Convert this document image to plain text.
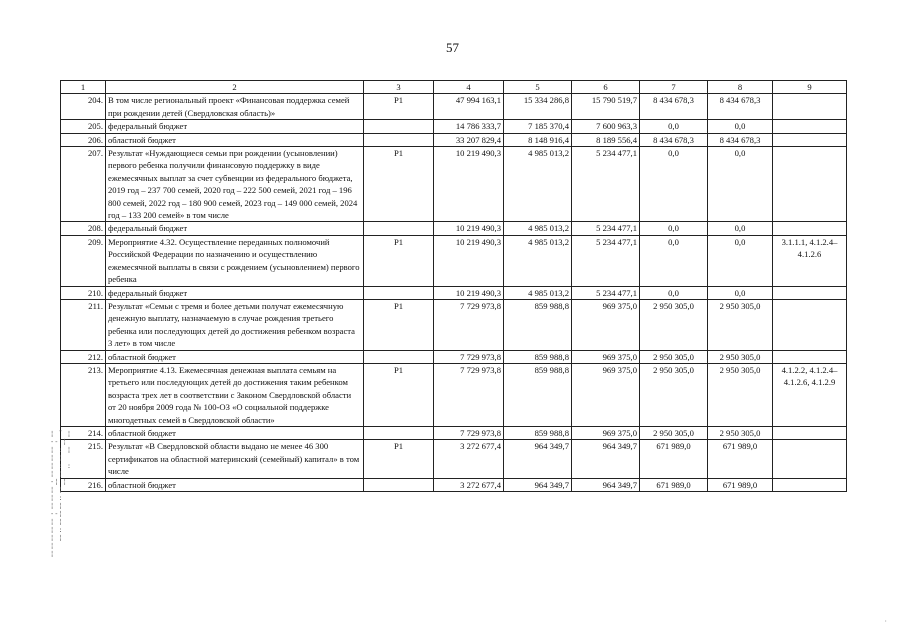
57
1	2	3	4	5	6	7	8	9
204.	В том числе региональный проект «Финансовая поддержка семей при рождении детей (Свердловская область)»	Р1	47 994 163,1	15 334 286,8	15 790 519,7	8 434 678,3	8 434 678,3	
205.	федеральный бюджет		14 786 333,7	7 185 370,4	7 600 963,3	0,0	0,0	
206.	областной бюджет		33 207 829,4	8 148 916,4	8 189 556,4	8 434 678,3	8 434 678,3	
207.	Результат «Нуждающиеся семьи при рождении (усыновлении) первого ребенка получили финансовую поддержку в виде ежемесячных выплат за счет субвенции из федерального бюджета, 2019 год – 237 700 семей, 2020 год – 222 500 семей, 2021 год – 196 800 семей, 2022 год – 180 900 семей, 2023 год – 149 000 семей, 2024 год – 133 200 семей» в том числе	Р1	10 219 490,3	4 985 013,2	5 234 477,1	0,0	0,0	
208.	федеральный бюджет		10 219 490,3	4 985 013,2	5 234 477,1	0,0	0,0	
209.	Мероприятие 4.32. Осуществление переданных полномочий Российской Федерации по назначению и осуществлению ежемесячной выплаты в связи с рождением (усыновлением) первого ребенка	Р1	10 219 490,3	4 985 013,2	5 234 477,1	0,0	0,0	3.1.1.1, 4.1.2.4–4.1.2.6
210.	федеральный бюджет		10 219 490,3	4 985 013,2	5 234 477,1	0,0	0,0	
211.	Результат «Семьи с тремя и более детьми получат ежемесячную денежную выплату, назначаемую в случае рождения третьего ребенка или последующих детей до достижения ребенком возраста 3 лет» в том числе	Р1	7 729 973,8	859 988,8	969 375,0	2 950 305,0	2 950 305,0	
212.	областной бюджет		7 729 973,8	859 988,8	969 375,0	2 950 305,0	2 950 305,0	
213.	Мероприятие 4.13. Ежемесячная денежная выплата семьям на третьего или последующих детей до достижения таким ребенком возраста трех лет в соответствии с Законом Свердловской области от 20 ноября 2009 года № 100-ОЗ «О социальной поддержке многодетных семей в Свердловской области»	Р1	7 729 973,8	859 988,8	969 375,0	2 950 305,0	2 950 305,0	4.1.2.2, 4.1.2.4–4.1.2.6, 4.1.2.9
214.	областной бюджет		7 729 973,8	859 988,8	969 375,0	2 950 305,0	2 950 305,0	
215.	Результат «В Свердловской области выдано не менее 46 300 сертификатов на областной материнский (семейный) капитал» в том числе	Р1	3 272 677,4	964 349,7	964 349,7	671 989,0	671 989,0	
216.	областной бюджет		3 272 677,4	964 349,7	964 349,7	671 989,0	671 989,0	
¦ ¨ ¦
-- ¦
¦ : ¦
¦ ¦
¦ : :
¦ ¦
-¦ ¦
¦ ¦
¦ :
¦ ¦
--¦
¦ ¦
¦ :
¦ ¦
¦
¦
·
